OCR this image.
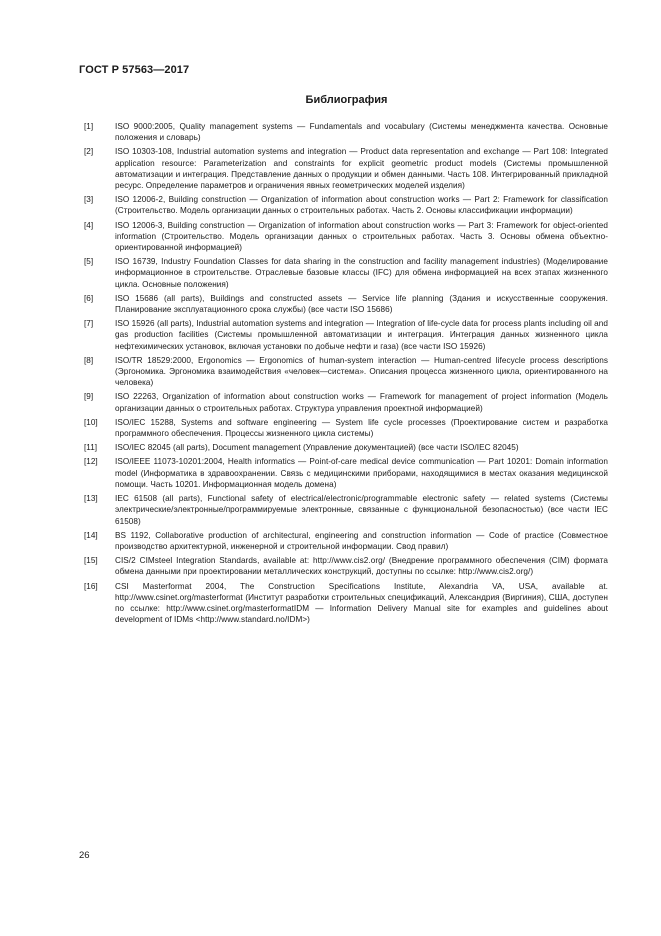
ГОСТ Р 57563—2017
Библиография
[1]	ISO 9000:2005, Quality management systems — Fundamentals and vocabulary (Системы менеджмента качества. Основные положения и словарь)
[2]	ISO 10303-108, Industrial automation systems and integration — Product data representation and exchange — Part 108: Integrated application resource: Parameterization and constraints for explicit geometric product models (Системы промышленной автоматизации и интеграция. Представление данных о продукции и обмен данными. Часть 108. Интегрированный прикладной ресурс. Определение параметров и ограничения явных геометрических моделей изделия)
[3]	ISO 12006-2, Building construction — Organization of information about construction works — Part 2: Framework for classification (Строительство. Модель организации данных о строительных работах. Часть 2. Основы классификации информации)
[4]	ISO 12006-3, Building construction — Organization of information about construction works — Part 3: Framework for object-oriented information (Строительство. Модель организации данных о строительных работах. Часть 3. Основы обмена объектно-ориентированной информацией)
[5]	ISO 16739, Industry Foundation Classes for data sharing in the construction and facility management industries) (Моделирование информационное в строительстве. Отраслевые базовые классы (IFC) для обмена информацией на всех этапах жизненного цикла. Основные положения)
[6]	ISO 15686 (all parts), Buildings and constructed assets — Service life planning (Здания и искусственные сооружения. Планирование эксплуатационного срока службы) (все части ISO 15686)
[7]	ISO 15926 (all parts), Industrial automation systems and integration — Integration of life-cycle data for process plants including oil and gas production facilities (Системы промышленной автоматизации и интеграция. Интеграция данных жизненного цикла нефтехимических установок, включая установки по добыче нефти и газа) (все части ISO 15926)
[8]	ISO/TR 18529:2000, Ergonomics — Ergonomics of human-system interaction — Human-centred lifecycle process descriptions (Эргономика. Эргономика взаимодействия «человек—система». Описания процесса жизненного цикла, ориентированного на человека)
[9]	ISO 22263, Organization of information about construction works — Framework for management of project information (Модель организации данных о строительных работах. Структура управления проектной информацией)
[10]	ISO/IEC 15288, Systems and software engineering — System life cycle processes (Проектирование систем и разработка программного обеспечения. Процессы жизненного цикла системы)
[11]	ISO/IEC 82045 (all parts), Document management (Управление документацией) (все части ISO/IEC 82045)
[12]	ISO/IEEE 11073-10201:2004, Health informatics — Point-of-care medical device communication — Part 10201: Domain information model (Информатика в здравоохранении. Связь с медицинскими приборами, находящимися в местах оказания медицинской помощи. Часть 10201. Информационная модель домена)
[13]	IEC 61508 (all parts), Functional safety of electrical/electronic/programmable electronic safety — related systems (Системы электрические/электронные/программируемые электронные, связанные с функциональной безопасностью) (все части IEC 61508)
[14]	BS 1192, Collaborative production of architectural, engineering and construction information — Code of practice (Совместное производство архитектурной, инженерной и строительной информации. Свод правил)
[15]	CIS/2 CIMsteel Integration Standards, available at: http://www.cis2.org/ (Внедрение программного обеспечения (CIM) формата обмена данными при проектировании металлических конструкций, доступны по ссылке: http://www.cis2.org/)
[16]	CSI Masterformat 2004, The Construction Specifications Institute, Alexandria VA, USA, available at. http://www.csinet.org/masterformat (Институт разработки строительных спецификаций, Александрия (Виргиния), США, доступен по ссылке: http://www.csinet.org/masterformatIDM — Information Delivery Manual site for examples and guidelines about development of IDMs <http://www.standard.no/IDM>)
26
